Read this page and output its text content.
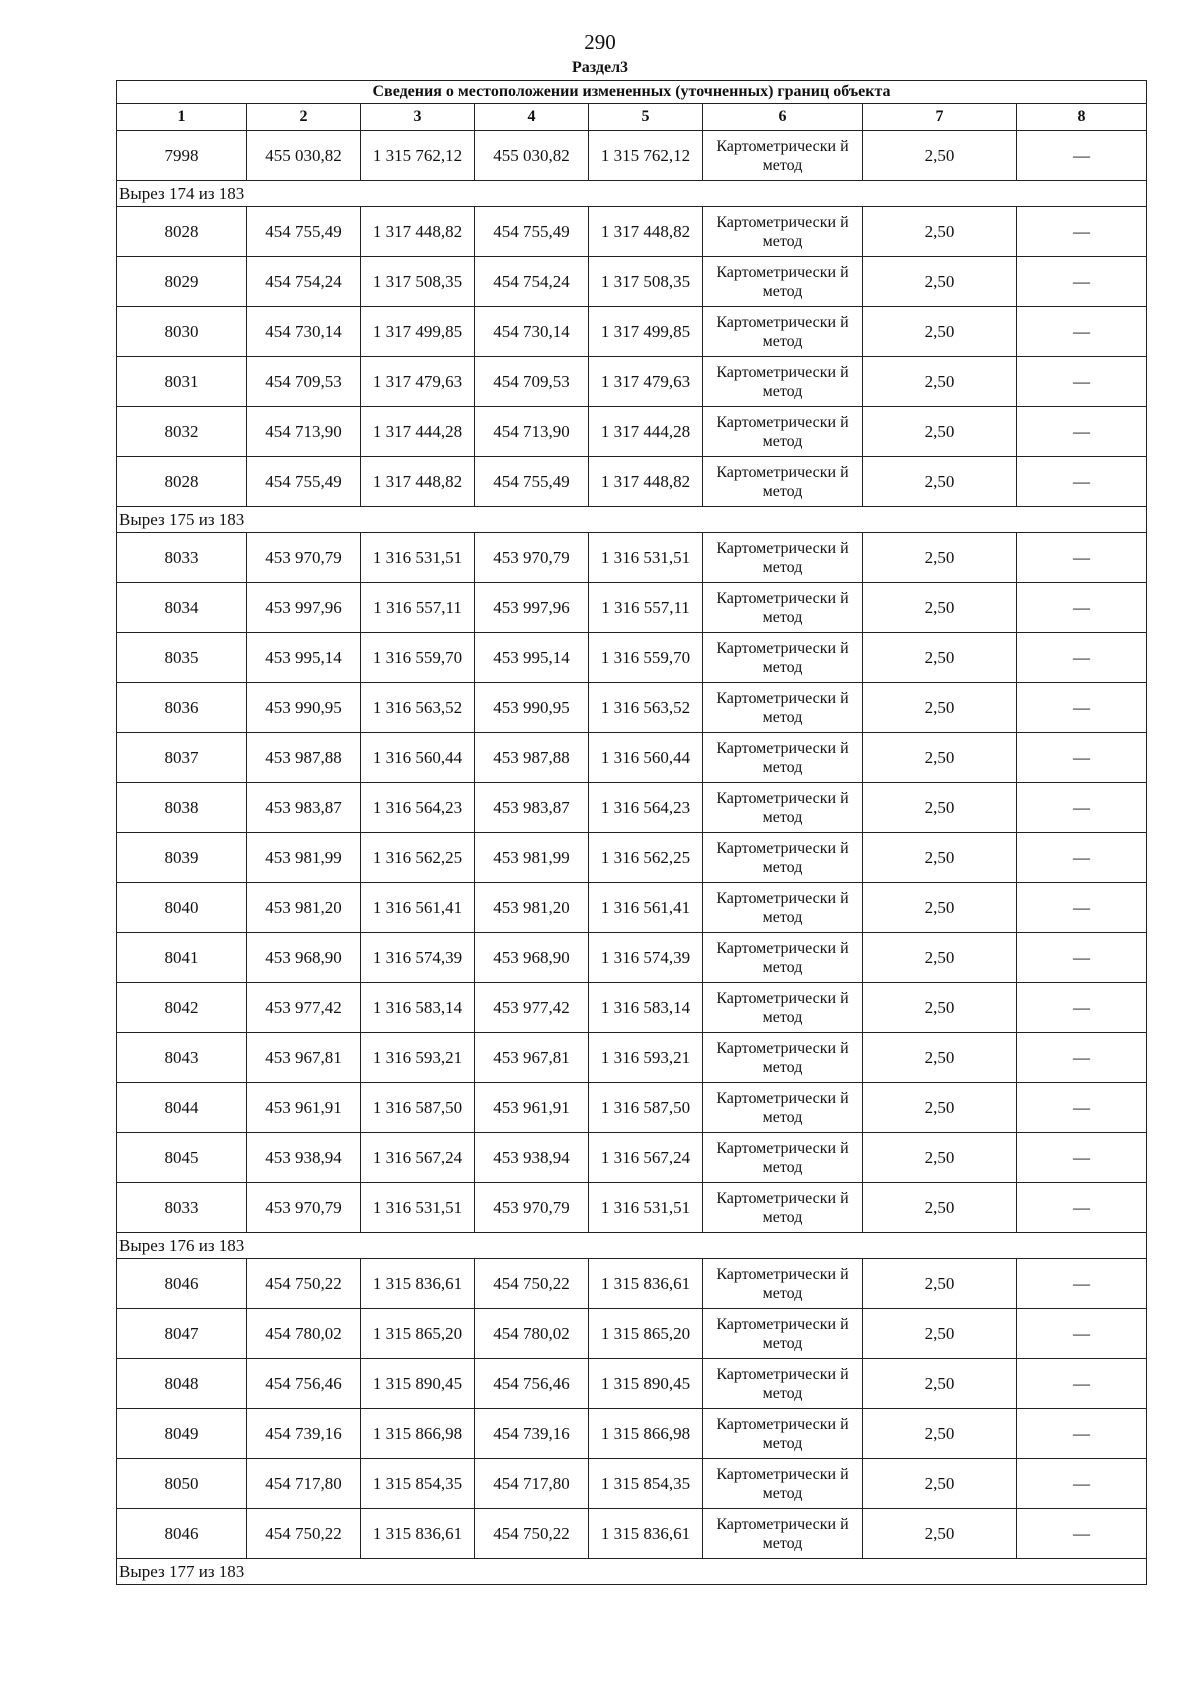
290
Раздел3
Сведения о местоположении измененных (уточненных) границ объекта							
1	2	3	4	5	6	7	8
7998	455 030,82	1 315 762,12	455 030,82	1 315 762,12	Картометрически й метод	2,50	—
Вырез 174 из 183							
8028	454 755,49	1 317 448,82	454 755,49	1 317 448,82	Картометрически й метод	2,50	—
8029	454 754,24	1 317 508,35	454 754,24	1 317 508,35	Картометрически й метод	2,50	—
8030	454 730,14	1 317 499,85	454 730,14	1 317 499,85	Картометрически й метод	2,50	—
8031	454 709,53	1 317 479,63	454 709,53	1 317 479,63	Картометрически й метод	2,50	—
8032	454 713,90	1 317 444,28	454 713,90	1 317 444,28	Картометрически й метод	2,50	—
8028	454 755,49	1 317 448,82	454 755,49	1 317 448,82	Картометрически й метод	2,50	—
Вырез 175 из 183							
8033	453 970,79	1 316 531,51	453 970,79	1 316 531,51	Картометрически й метод	2,50	—
8034	453 997,96	1 316 557,11	453 997,96	1 316 557,11	Картометрически й метод	2,50	—
8035	453 995,14	1 316 559,70	453 995,14	1 316 559,70	Картометрически й метод	2,50	—
8036	453 990,95	1 316 563,52	453 990,95	1 316 563,52	Картометрически й метод	2,50	—
8037	453 987,88	1 316 560,44	453 987,88	1 316 560,44	Картометрически й метод	2,50	—
8038	453 983,87	1 316 564,23	453 983,87	1 316 564,23	Картометрически й метод	2,50	—
8039	453 981,99	1 316 562,25	453 981,99	1 316 562,25	Картометрически й метод	2,50	—
8040	453 981,20	1 316 561,41	453 981,20	1 316 561,41	Картометрически й метод	2,50	—
8041	453 968,90	1 316 574,39	453 968,90	1 316 574,39	Картометрически й метод	2,50	—
8042	453 977,42	1 316 583,14	453 977,42	1 316 583,14	Картометрически й метод	2,50	—
8043	453 967,81	1 316 593,21	453 967,81	1 316 593,21	Картометрически й метод	2,50	—
8044	453 961,91	1 316 587,50	453 961,91	1 316 587,50	Картометрически й метод	2,50	—
8045	453 938,94	1 316 567,24	453 938,94	1 316 567,24	Картометрически й метод	2,50	—
8033	453 970,79	1 316 531,51	453 970,79	1 316 531,51	Картометрически й метод	2,50	—
Вырез 176 из 183							
8046	454 750,22	1 315 836,61	454 750,22	1 315 836,61	Картометрически й метод	2,50	—
8047	454 780,02	1 315 865,20	454 780,02	1 315 865,20	Картометрически й метод	2,50	—
8048	454 756,46	1 315 890,45	454 756,46	1 315 890,45	Картометрически й метод	2,50	—
8049	454 739,16	1 315 866,98	454 739,16	1 315 866,98	Картометрически й метод	2,50	—
8050	454 717,80	1 315 854,35	454 717,80	1 315 854,35	Картометрически й метод	2,50	—
8046	454 750,22	1 315 836,61	454 750,22	1 315 836,61	Картометрически й метод	2,50	—
Вырез 177 из 183							
